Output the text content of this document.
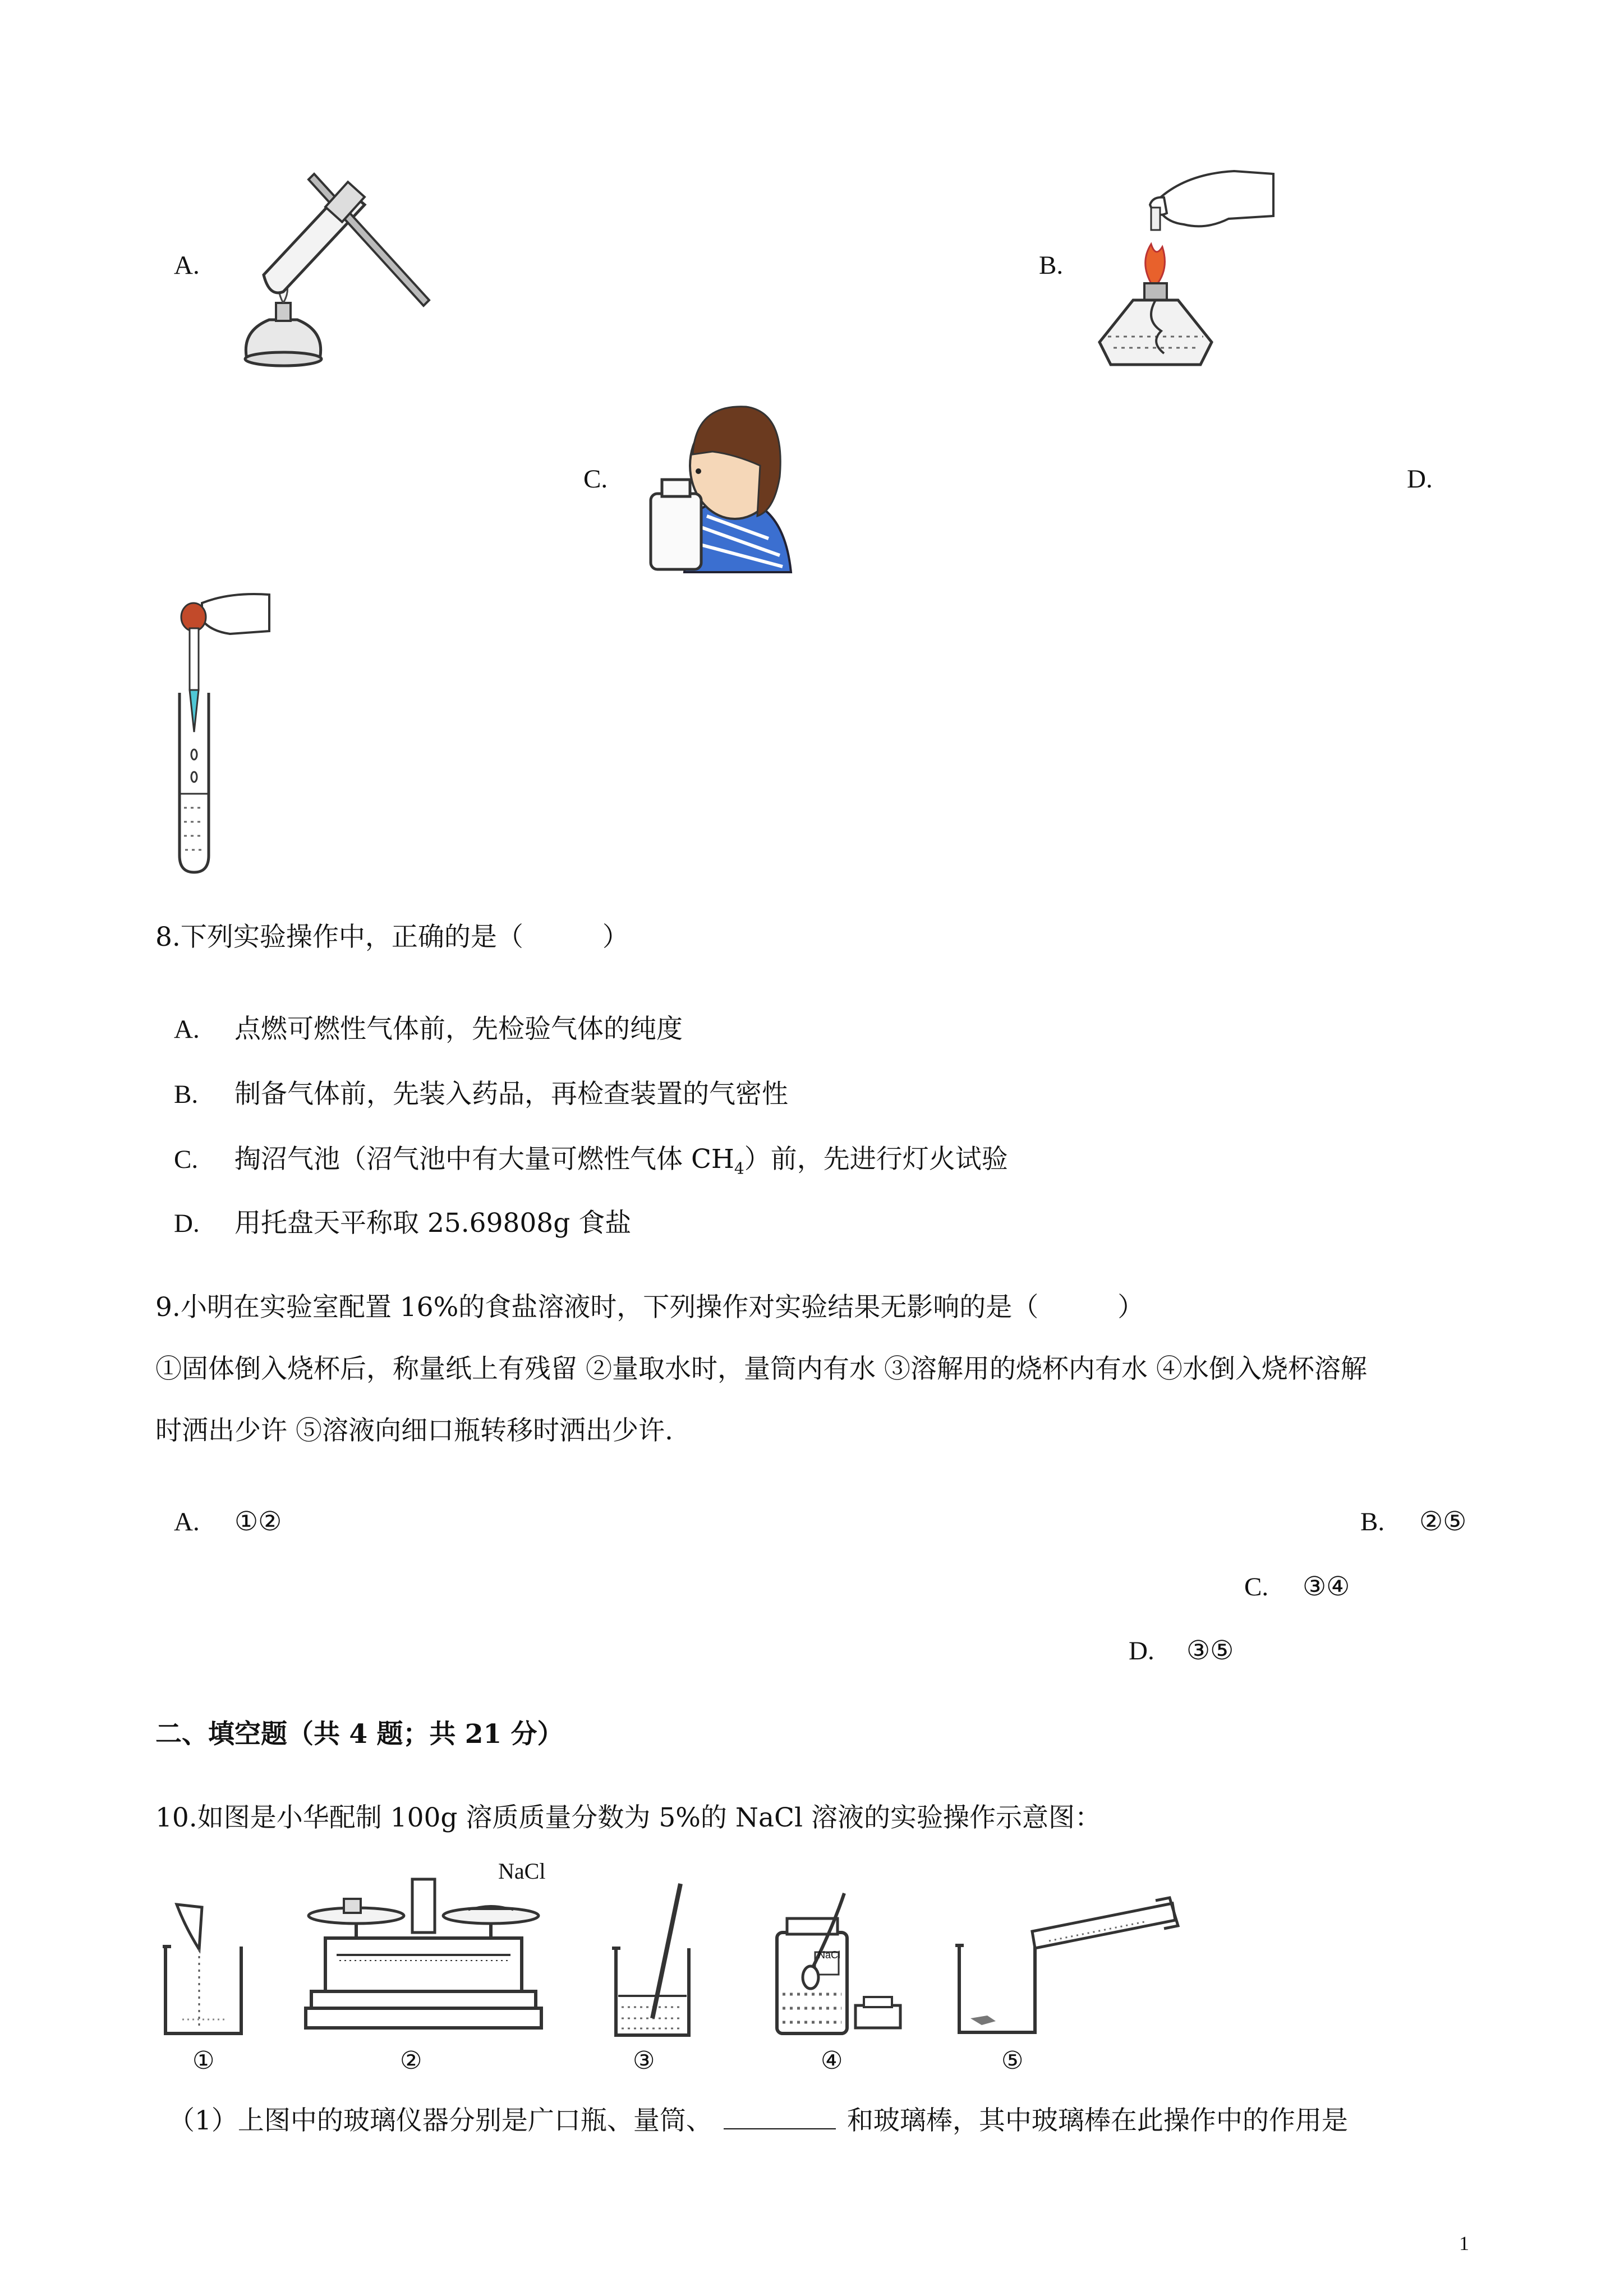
A.	B.
C.	D.
8.下列实验操作中，正确的是（　　　）
A. 点燃可燃性气体前，先检验气体的纯度
B. 制备气体前，先装入药品，再检查装置的气密性
C. 掏沼气池（沼气池中有大量可燃性气体 $CH_4$）前，先进行灯火试验
D. 用托盘天平称取 25.69808g 食盐
9.小明在实验室配置 16%的食盐溶液时，下列操作对实验结果无影响的是（　　　）
①固体倒入烧杯后，称量纸上有残留 ②量取水时，量筒内有水 ③溶解用的烧杯内有水 ④水倒入烧杯溶解
时洒出少许 ⑤溶液向细口瓶转移时洒出少许.
A. ①②	B. ②⑤
C. ③④
D. ③⑤
二、填空题（共 4 题；共 21 分）
10.如图是小华配制 100g 溶质质量分数为 5%的 NaCl 溶液的实验操作示意图：
①
NaCl
②	③
NaCl
④	⑤
（1）上图中的玻璃仪器分别是广口瓶、量筒、	和玻璃棒，其中玻璃棒在此操作中的作用是
1
